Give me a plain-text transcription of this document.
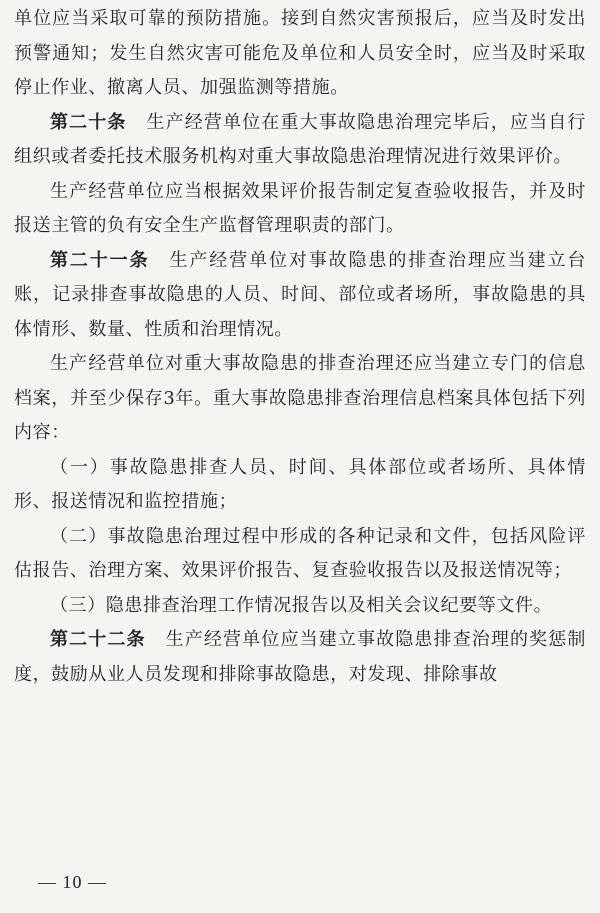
单位应当采取可靠的预防措施。接到自然灾害预报后，应当及时发出预警通知；发生自然灾害可能危及单位和人员安全时，应当及时采取停止作业、撤离人员、加强监测等措施。

第二十条 生产经营单位在重大事故隐患治理完毕后，应当自行组织或者委托技术服务机构对重大事故隐患治理情况进行效果评价。

生产经营单位应当根据效果评价报告制定复查验收报告，并及时报送主管的负有安全生产监督管理职责的部门。

第二十一条 生产经营单位对事故隐患的排查治理应当建立台账，记录排查事故隐患的人员、时间、部位或者场所，事故隐患的具体情形、数量、性质和治理情况。

生产经营单位对重大事故隐患的排查治理还应当建立专门的信息档案，并至少保存3年。重大事故隐患排查治理信息档案具体包括下列内容：

（一）事故隐患排查人员、时间、具体部位或者场所、具体情形、报送情况和监控措施；

（二）事故隐患治理过程中形成的各种记录和文件，包括风险评估报告、治理方案、效果评价报告、复查验收报告以及报送情况等；

（三）隐患排查治理工作情况报告以及相关会议纪要等文件。

第二十二条 生产经营单位应当建立事故隐患排查治理的奖惩制度，鼓励从业人员发现和排除事故隐患，对发现、排除事故

— 10 —
